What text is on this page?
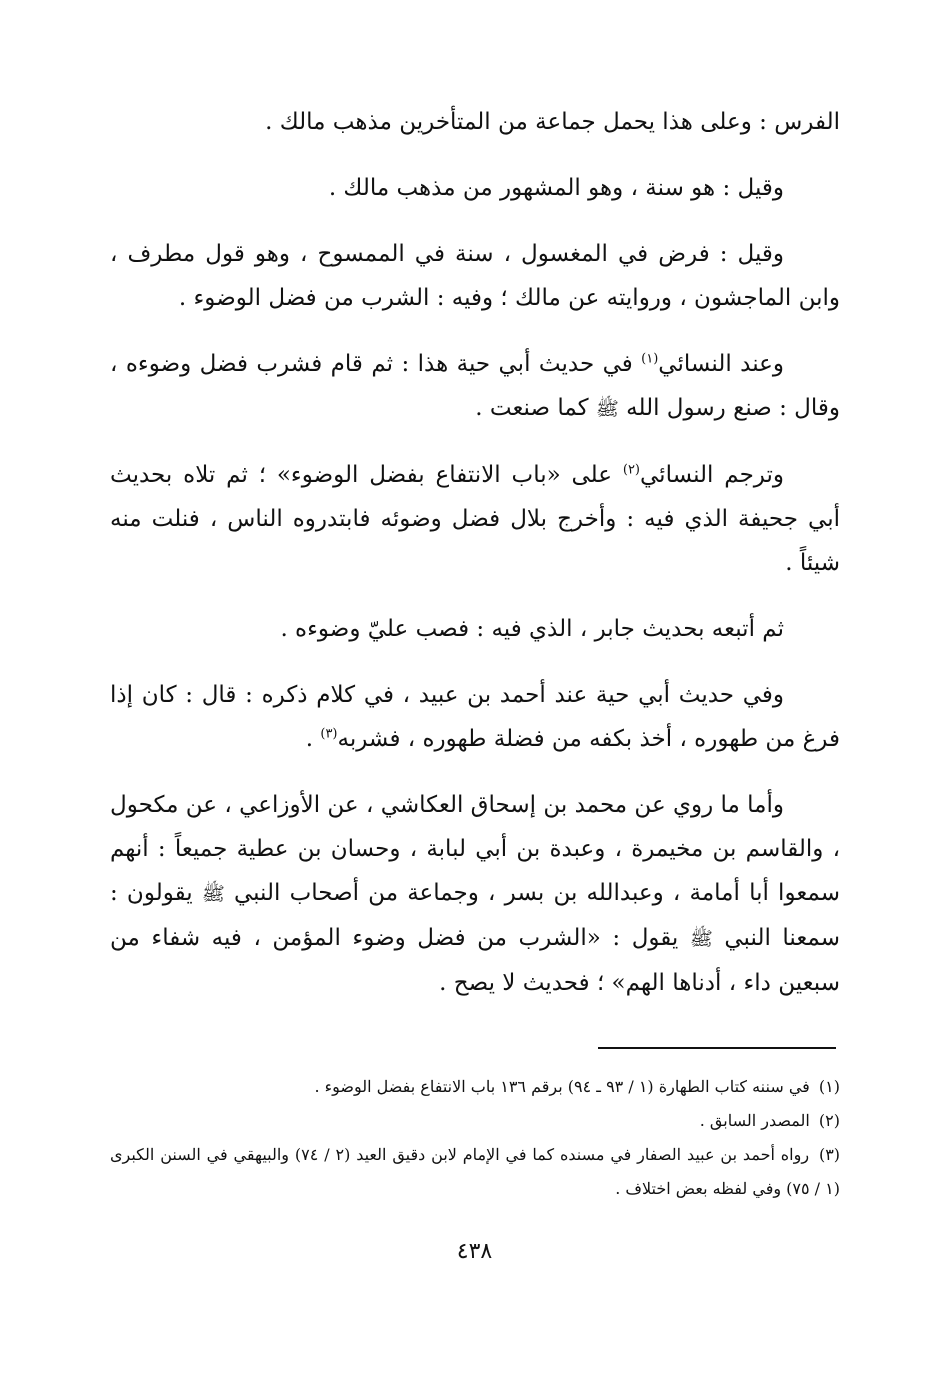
الفرس : وعلى هذا يحمل جماعة من المتأخرين مذهب مالك .

وقيل : هو سنة ، وهو المشهور من مذهب مالك .

وقيل : فرض في المغسول ، سنة في الممسوح ، وهو قول مطرف ، وابن الماجشون ، وروايته عن مالك ؛ وفيه : الشرب من فضل الوضوء .

وعند النسائي$^{(١)}$ في حديث أبي حية هذا : ثم قام فشرب فضل وضوءه ، وقال : صنع رسول الله ﷺ كما صنعت .

وترجم النسائي$^{(٢)}$ على «باب الانتفاع بفضل الوضوء» ؛ ثم تلاه بحديث أبي جحيفة الذي فيه : وأخرج بلال فضل وضوئه فابتدروه الناس ، فنلت منه شيئاً .

ثم أتبعه بحديث جابر ، الذي فيه : فصب عليّ وضوءه .

وفي حديث أبي حية عند أحمد بن عبيد ، في كلام ذكره : قال : كان إذا فرغ من طهوره ، أخذ بكفه من فضلة طهوره ، فشربه$^{(٣)}$ .

وأما ما روي عن محمد بن إسحاق العكاشي ، عن الأوزاعي ، عن مكحول ، والقاسم بن مخيمرة ، وعبدة بن أبي لبابة ، وحسان بن عطية جميعاً : أنهم سمعوا أبا أمامة ، وعبدالله بن بسر ، وجماعة من أصحاب النبي ﷺ يقولون : سمعنا النبي ﷺ يقول : «الشرب من فضل وضوء المؤمن ، فيه شفاء من سبعين داء ، أدناها الهم» ؛ فحديث لا يصح .

(١) في سننه كتاب الطهارة (١ / ٩٣ ـ ٩٤) برقم ١٣٦ باب الانتفاع بفضل الوضوء .

(٢) المصدر السابق .

(٣) رواه أحمد بن عبيد الصفار في مسنده كما في الإمام لابن دقيق العيد (٢ / ٧٤) والبيهقي في السنن الكبرى (١ / ٧٥) وفي لفظه بعض اختلاف .

٤٣٨
